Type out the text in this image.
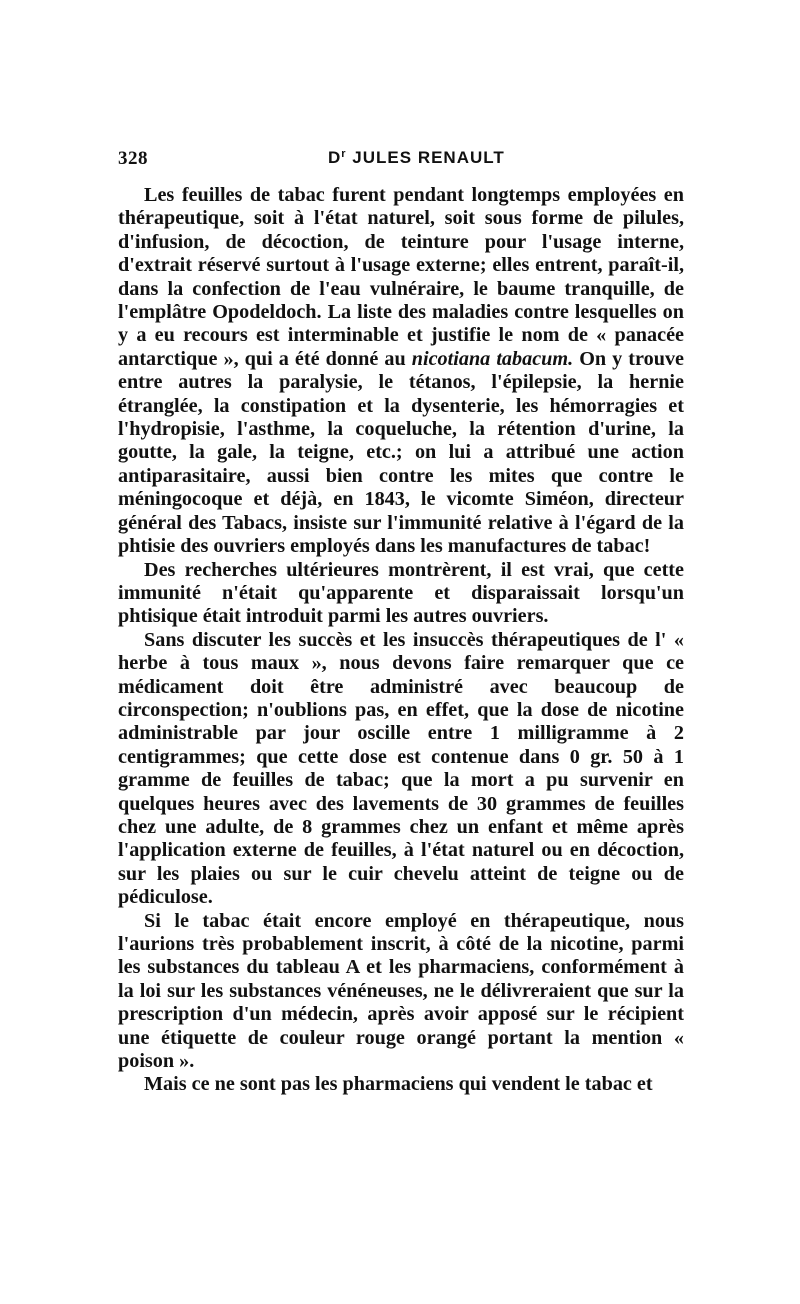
328	$D^r$ JULES RENAULT

Les feuilles de tabac furent pendant longtemps employées en thérapeutique, soit à l'état naturel, soit sous forme de pilules, d'infusion, de décoction, de teinture pour l'usage interne, d'extrait réservé surtout à l'usage externe; elles entrent, paraît-il, dans la confection de l'eau vulnéraire, le baume tranquille, de l'emplâtre Opodeldoch. La liste des maladies contre lesquelles on y a eu recours est interminable et justifie le nom de « panacée antarctique », qui a été donné au nicotiana tabacum. On y trouve entre autres la paralysie, le tétanos, l'épilepsie, la hernie étranglée, la constipation et la dysenterie, les hémorragies et l'hydropisie, l'asthme, la coqueluche, la rétention d'urine, la goutte, la gale, la teigne, etc.; on lui a attribué une action antiparasitaire, aussi bien contre les mites que contre le méningocoque et déjà, en 1843, le vicomte Siméon, directeur général des Tabacs, insiste sur l'immunité relative à l'égard de la phtisie des ouvriers employés dans les manufactures de tabac!

Des recherches ultérieures montrèrent, il est vrai, que cette immunité n'était qu'apparente et disparaissait lorsqu'un phtisique était introduit parmi les autres ouvriers.

Sans discuter les succès et les insuccès thérapeutiques de l' « herbe à tous maux », nous devons faire remarquer que ce médicament doit être administré avec beaucoup de circonspection; n'oublions pas, en effet, que la dose de nicotine administrable par jour oscille entre 1 milligramme à 2 centigrammes; que cette dose est contenue dans 0 gr. 50 à 1 gramme de feuilles de tabac; que la mort a pu survenir en quelques heures avec des lavements de 30 grammes de feuilles chez une adulte, de 8 grammes chez un enfant et même après l'application externe de feuilles, à l'état naturel ou en décoction, sur les plaies ou sur le cuir chevelu atteint de teigne ou de pédiculose.

Si le tabac était encore employé en thérapeutique, nous l'aurions très probablement inscrit, à côté de la nicotine, parmi les substances du tableau A et les pharmaciens, conformément à la loi sur les substances vénéneuses, ne le délivreraient que sur la prescription d'un médecin, après avoir apposé sur le récipient une étiquette de couleur rouge orangé portant la mention « poison ».

Mais ce ne sont pas les pharmaciens qui vendent le tabac et
